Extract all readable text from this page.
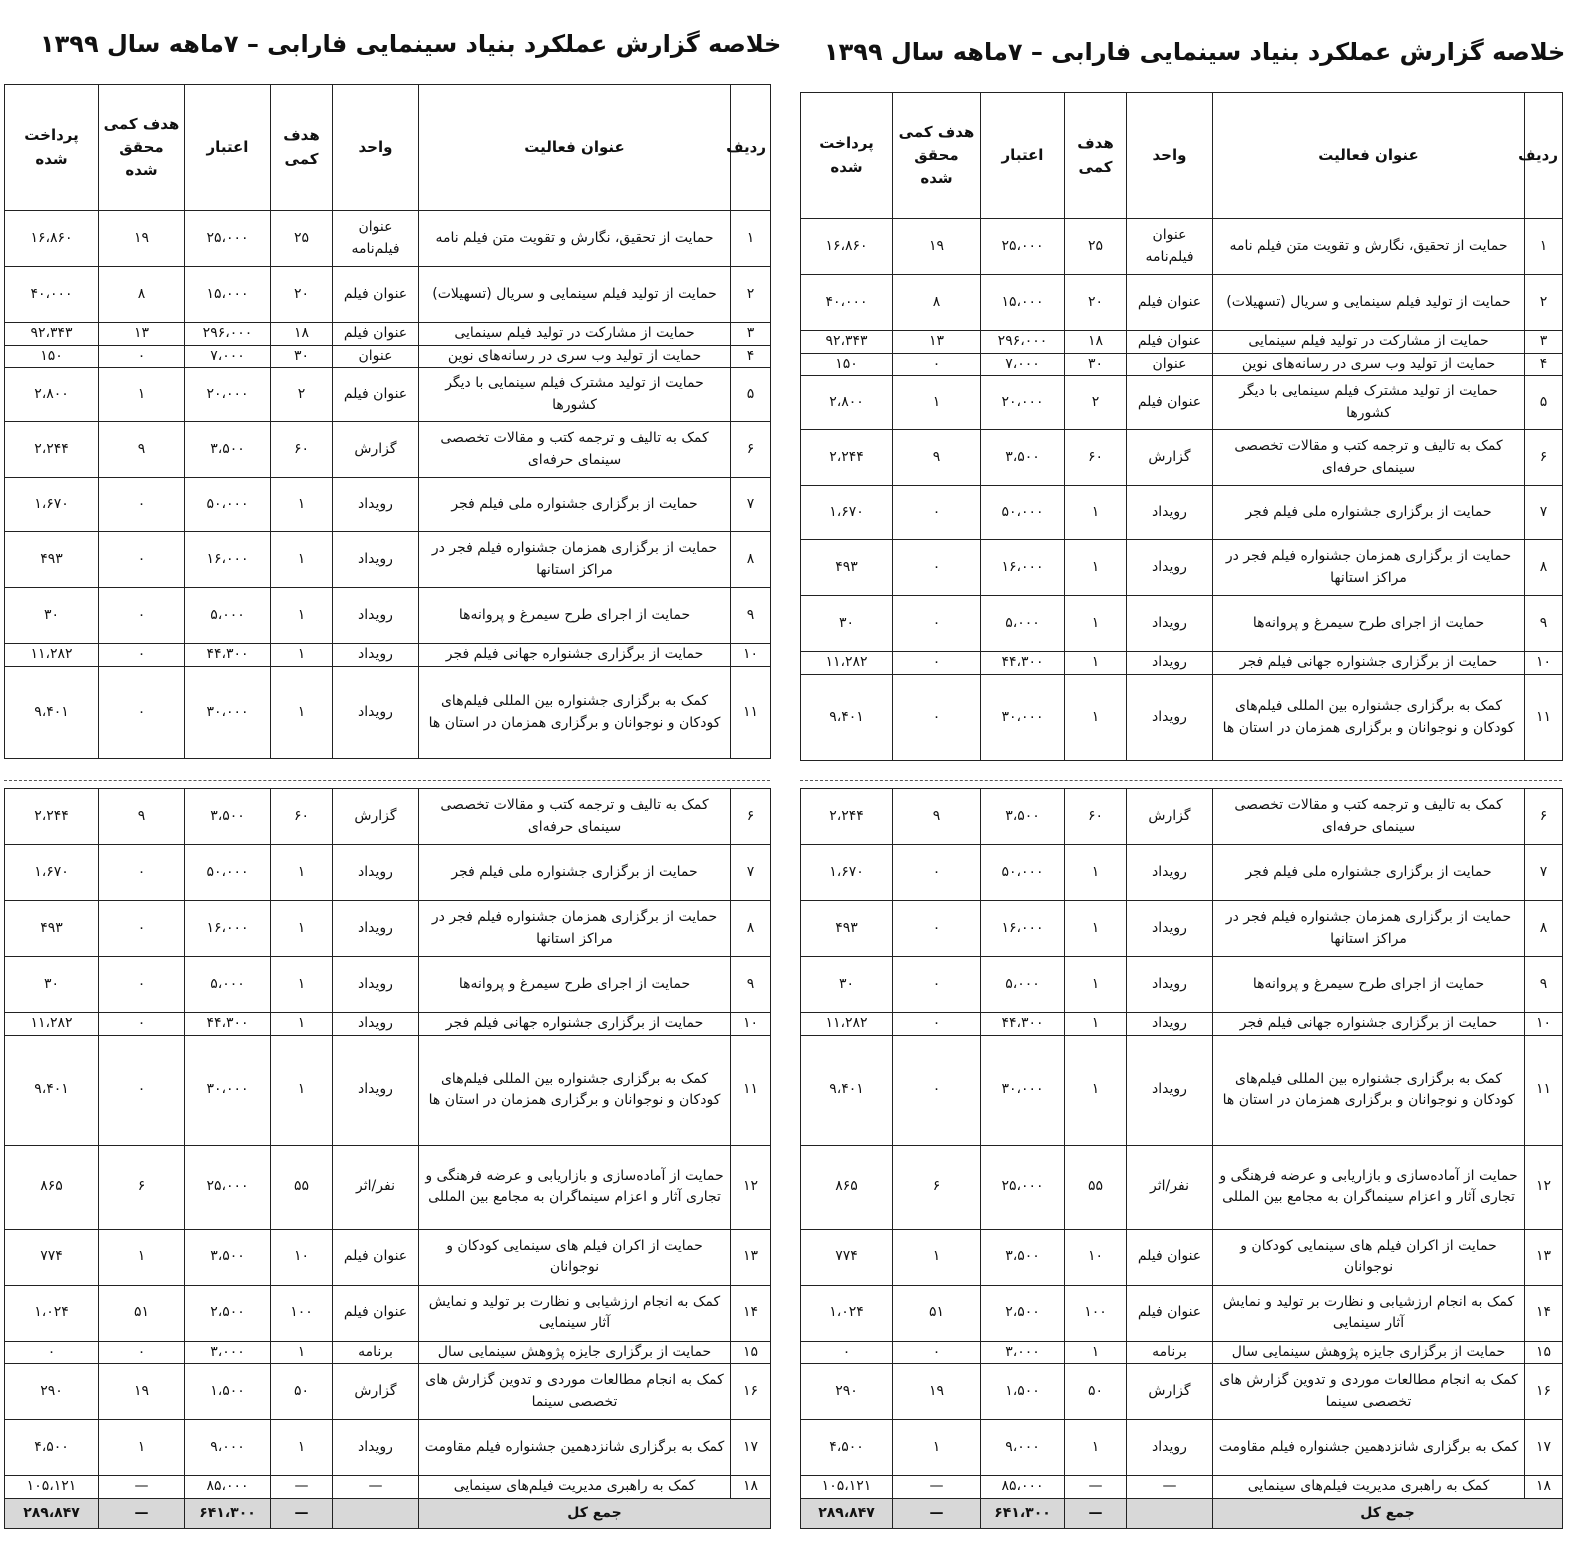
خلاصه گزارش عملکرد بنیاد سینمایی فارابی – ۷ماهه سال ۱۳۹۹
ردیف	عنوان فعالیت	واحد	هدف کمی	اعتبار	هدف کمی محقق شده	پرداخت شده
۱	حمایت از تحقیق، نگارش و تقویت متن فیلم نامه	عنوان فیلم‌نامه	۲۵	۲۵،۰۰۰	۱۹	۱۶،۸۶۰
۲	حمایت از تولید فیلم سینمایی و سریال (تسهیلات)	عنوان فیلم	۲۰	۱۵،۰۰۰	۸	۴۰،۰۰۰
۳	حمایت از مشارکت در تولید فیلم سینمایی	عنوان فیلم	۱۸	۲۹۶،۰۰۰	۱۳	۹۲،۳۴۳
۴	حمایت از تولید وب سری در رسانه‌های نوین	عنوان	۳۰	۷،۰۰۰	۰	۱۵۰
۵	حمایت از تولید مشترک فیلم سینمایی با دیگر کشورها	عنوان فیلم	۲	۲۰،۰۰۰	۱	۲،۸۰۰
۶	کمک به تالیف و ترجمه کتب و مقالات تخصصی سینمای حرفه‌ای	گزارش	۶۰	۳،۵۰۰	۹	۲،۲۴۴
۷	حمایت از برگزاری جشنواره ملی فیلم فجر	رویداد	۱	۵۰،۰۰۰	۰	۱،۶۷۰
۸	حمایت از برگزاری همزمان جشنواره فیلم فجر در مراکز استانها	رویداد	۱	۱۶،۰۰۰	۰	۴۹۳
۹	حمایت از اجرای طرح سیمرغ و پروانه‌ها	رویداد	۱	۵،۰۰۰	۰	۳۰
۱۰	حمایت از برگزاری جشنواره جهانی فیلم فجر	رویداد	۱	۴۴،۳۰۰	۰	۱۱،۲۸۲
۱۱	کمک به برگزاری جشنواره بین المللی فیلم‌های کودکان و نوجوانان و برگزاری همزمان در استان ها	رویداد	۱	۳۰،۰۰۰	۰	۹،۴۰۱
۶	کمک به تالیف و ترجمه کتب و مقالات تخصصی سینمای حرفه‌ای	گزارش	۶۰	۳،۵۰۰	۹	۲،۲۴۴
۷	حمایت از برگزاری جشنواره ملی فیلم فجر	رویداد	۱	۵۰،۰۰۰	۰	۱،۶۷۰
۸	حمایت از برگزاری همزمان جشنواره فیلم فجر در مراکز استانها	رویداد	۱	۱۶،۰۰۰	۰	۴۹۳
۹	حمایت از اجرای طرح سیمرغ و پروانه‌ها	رویداد	۱	۵،۰۰۰	۰	۳۰
۱۰	حمایت از برگزاری جشنواره جهانی فیلم فجر	رویداد	۱	۴۴،۳۰۰	۰	۱۱،۲۸۲
۱۱	کمک به برگزاری جشنواره بین المللی فیلم‌های کودکان و نوجوانان و برگزاری همزمان در استان ها	رویداد	۱	۳۰،۰۰۰	۰	۹،۴۰۱
۱۲	حمایت از آماده‌سازی و بازاریابی و عرضه فرهنگی و تجاری آثار و اعزام سینماگران به مجامع بین المللی	نفر/اثر	۵۵	۲۵،۰۰۰	۶	۸۶۵
۱۳	حمایت از اکران فیلم های سینمایی کودکان و نوجوانان	عنوان فیلم	۱۰	۳،۵۰۰	۱	۷۷۴
۱۴	کمک به انجام ارزشیابی و نظارت بر تولید و نمایش آثار سینمایی	عنوان فیلم	۱۰۰	۲،۵۰۰	۵۱	۱،۰۲۴
۱۵	حمایت از برگزاری جایزه پژوهش سینمایی سال	برنامه	۱	۳،۰۰۰	۰	۰
۱۶	کمک به انجام مطالعات موردی و تدوین گزارش های تخصصی سینما	گزارش	۵۰	۱،۵۰۰	۱۹	۲۹۰
۱۷	کمک به برگزاری شانزدهمین جشنواره فیلم مقاومت	رویداد	۱	۹،۰۰۰	۱	۴،۵۰۰
۱۸	کمک به راهبری مدیریت فیلم‌های سینمایی	—	—	۸۵،۰۰۰	—	۱۰۵،۱۲۱
جمع کل			—	۶۴۱،۳۰۰	—	۲۸۹،۸۴۷
خلاصه گزارش عملکرد بنیاد سینمایی فارابی – ۷ماهه سال ۱۳۹۹
ردیف	عنوان فعالیت	واحد	هدف کمی	اعتبار	هدف کمی محقق شده	پرداخت شده
۱	حمایت از تحقیق، نگارش و تقویت متن فیلم نامه	عنوان فیلم‌نامه	۲۵	۲۵،۰۰۰	۱۹	۱۶،۸۶۰
۲	حمایت از تولید فیلم سینمایی و سریال (تسهیلات)	عنوان فیلم	۲۰	۱۵،۰۰۰	۸	۴۰،۰۰۰
۳	حمایت از مشارکت در تولید فیلم سینمایی	عنوان فیلم	۱۸	۲۹۶،۰۰۰	۱۳	۹۲،۳۴۳
۴	حمایت از تولید وب سری در رسانه‌های نوین	عنوان	۳۰	۷،۰۰۰	۰	۱۵۰
۵	حمایت از تولید مشترک فیلم سینمایی با دیگر کشورها	عنوان فیلم	۲	۲۰،۰۰۰	۱	۲،۸۰۰
۶	کمک به تالیف و ترجمه کتب و مقالات تخصصی سینمای حرفه‌ای	گزارش	۶۰	۳،۵۰۰	۹	۲،۲۴۴
۷	حمایت از برگزاری جشنواره ملی فیلم فجر	رویداد	۱	۵۰،۰۰۰	۰	۱،۶۷۰
۸	حمایت از برگزاری همزمان جشنواره فیلم فجر در مراکز استانها	رویداد	۱	۱۶،۰۰۰	۰	۴۹۳
۹	حمایت از اجرای طرح سیمرغ و پروانه‌ها	رویداد	۱	۵،۰۰۰	۰	۳۰
۱۰	حمایت از برگزاری جشنواره جهانی فیلم فجر	رویداد	۱	۴۴،۳۰۰	۰	۱۱،۲۸۲
۱۱	کمک به برگزاری جشنواره بین المللی فیلم‌های کودکان و نوجوانان و برگزاری همزمان در استان ها	رویداد	۱	۳۰،۰۰۰	۰	۹،۴۰۱
۶	کمک به تالیف و ترجمه کتب و مقالات تخصصی سینمای حرفه‌ای	گزارش	۶۰	۳،۵۰۰	۹	۲،۲۴۴
۷	حمایت از برگزاری جشنواره ملی فیلم فجر	رویداد	۱	۵۰،۰۰۰	۰	۱،۶۷۰
۸	حمایت از برگزاری همزمان جشنواره فیلم فجر در مراکز استانها	رویداد	۱	۱۶،۰۰۰	۰	۴۹۳
۹	حمایت از اجرای طرح سیمرغ و پروانه‌ها	رویداد	۱	۵،۰۰۰	۰	۳۰
۱۰	حمایت از برگزاری جشنواره جهانی فیلم فجر	رویداد	۱	۴۴،۳۰۰	۰	۱۱،۲۸۲
۱۱	کمک به برگزاری جشنواره بین المللی فیلم‌های کودکان و نوجوانان و برگزاری همزمان در استان ها	رویداد	۱	۳۰،۰۰۰	۰	۹،۴۰۱
۱۲	حمایت از آماده‌سازی و بازاریابی و عرضه فرهنگی و تجاری آثار و اعزام سینماگران به مجامع بین المللی	نفر/اثر	۵۵	۲۵،۰۰۰	۶	۸۶۵
۱۳	حمایت از اکران فیلم های سینمایی کودکان و نوجوانان	عنوان فیلم	۱۰	۳،۵۰۰	۱	۷۷۴
۱۴	کمک به انجام ارزشیابی و نظارت بر تولید و نمایش آثار سینمایی	عنوان فیلم	۱۰۰	۲،۵۰۰	۵۱	۱،۰۲۴
۱۵	حمایت از برگزاری جایزه پژوهش سینمایی سال	برنامه	۱	۳،۰۰۰	۰	۰
۱۶	کمک به انجام مطالعات موردی و تدوین گزارش های تخصصی سینما	گزارش	۵۰	۱،۵۰۰	۱۹	۲۹۰
۱۷	کمک به برگزاری شانزدهمین جشنواره فیلم مقاومت	رویداد	۱	۹،۰۰۰	۱	۴،۵۰۰
۱۸	کمک به راهبری مدیریت فیلم‌های سینمایی	—	—	۸۵،۰۰۰	—	۱۰۵،۱۲۱
جمع کل			—	۶۴۱،۳۰۰	—	۲۸۹،۸۴۷
